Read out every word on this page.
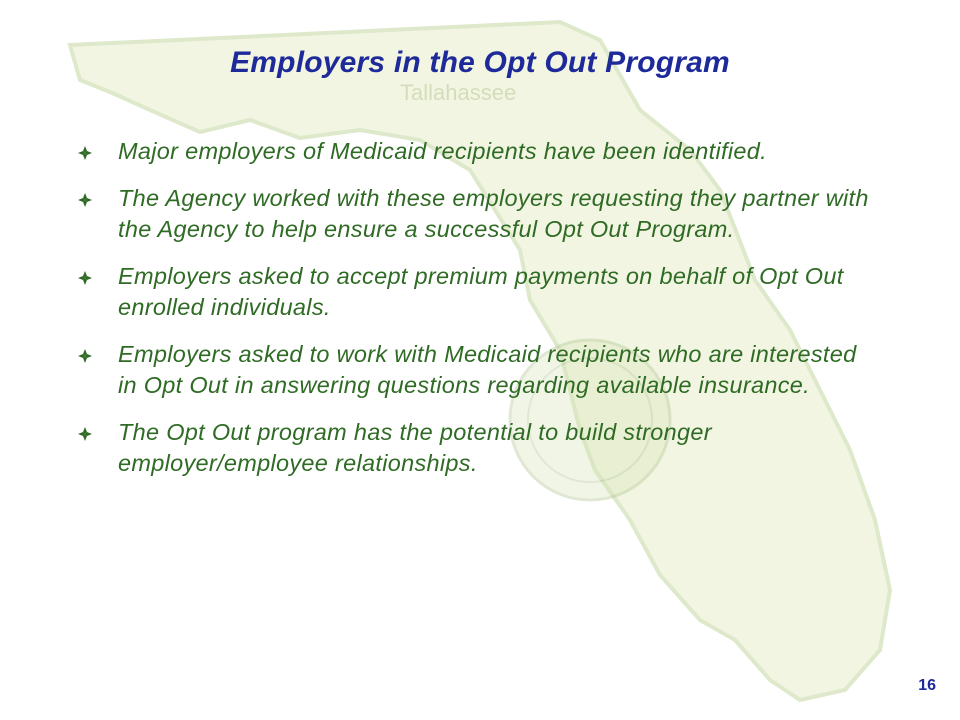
Tallahassee
Employers in the Opt Out Program
Major employers of Medicaid recipients have been identified.
The Agency worked with these employers requesting they partner with the Agency to help ensure a successful Opt Out Program.
Employers asked to accept premium payments on behalf of Opt Out enrolled individuals.
Employers asked to work with Medicaid recipients who are interested in Opt Out in answering questions regarding available insurance.
The Opt Out program has the potential to build stronger employer/employee relationships.
16
